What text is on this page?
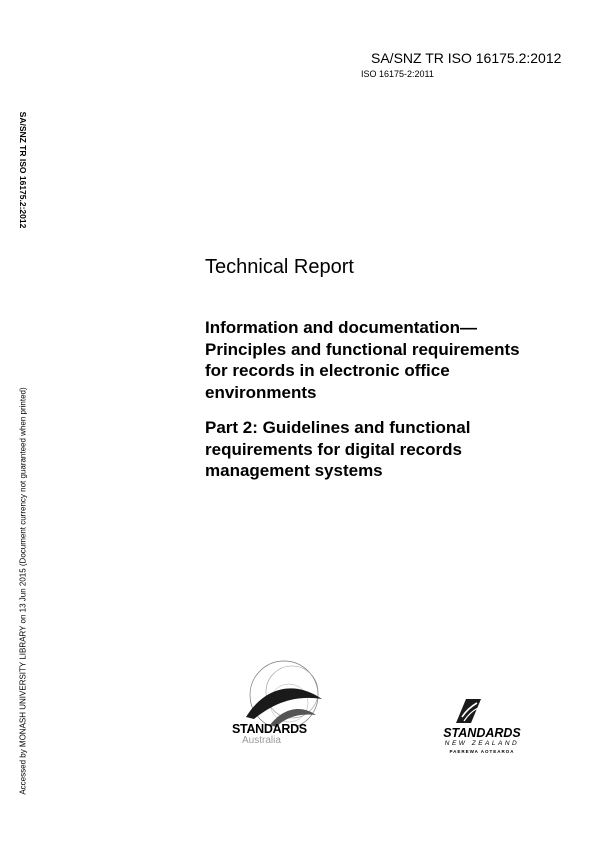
SA/SNZ TR ISO 16175.2:2012
ISO 16175-2:2011
SA/SNZ TR ISO 16175.2:2012
Accessed by MONASH UNIVERSITY LIBRARY on 13 Jun 2015 (Document currency not guaranteed when printed)
Technical Report

Information and documentation—
Principles and functional requirements
for records in electronic office
environments

Part 2: Guidelines and functional
requirements for digital records
management systems

STANDARDS
Australia
STANDARDS
NEW ZEALAND
PAEREWA AOTEAROA
